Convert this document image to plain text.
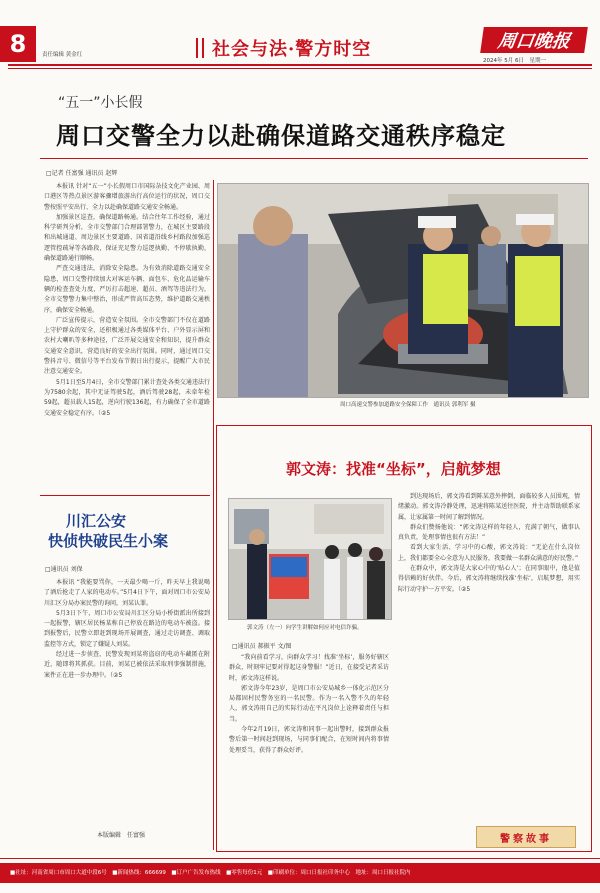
8	责任编辑 黄金红	社会与法·警方时空	周口晚报
2024年 5月 6日　星期一
“五一”小长假
周口交警全力以赴确保道路交通秩序稳定
□记者 任富强 通讯员 赵辉

本报讯 针对“五一”小长假周口市国际杂技文化产业园、周口港区等热点景区游客骤增旅游出行高位运行的状况，周口交警按照平安出行、全力以赴确保道路交通安全畅通。

加强景区巡查，确保道路畅通。结合往年工作经验，通过科学研判分析，全市交警部门合理部署警力，在城区主要路段和出城通道、周边景区主要道路、国省道沿线乡村路段加强巡逻管控疏导等各路段，保证充足警力巡逻执勤、不停歇执勤，确保道路通行顺畅。

严查交通违法，消除安全隐患。为有效消除道路交通安全隐患，周口交警持续加大对客运车辆、面包车、危化品运输车辆的检查查处力度，严厉打击超速、超员、酒驾等违法行为，全市交警警力集中整治，形成严管高压态势，维护道路交通秩序，确保安全畅通。

广泛宣传提示，营造安全氛围。全市交警部门不仅在道路上守护群众的安全，还积极通过各类媒体平台、户外显示屏和农村大喇叭等多种途径，广泛开展交通安全和知识，提升群众交通安全意识，营造良好的安全出行氛围。同时，通过周口交警抖音号、微信号等平台发布节假日出行提示，提醒广大市民注意交通安全。

5月1日至5月4日，全市交警部门累计查处各类交通违法行为7580余起，其中无证驾驶5起，酒后驾驶28起，未牵年检59起，超员载人15起，逆向行驶136起，有力确保了全市道路交通安全稳定有序。（②5

周口高速交警参加道路安全保障工作　通讯员 郭利军 摄
川汇公安
快侦快破民生小案
□通讯员 刘保

本报讯 “我能要骂你，一天最少喝一斤，昨天早上我说喝了酒后抢走了人家的电动车。”5月4日下午，面对周口市公安局川汇区分局办案民警的询问，刘某认罪。

5月3日下午，周口市公安局川汇区分局小桥街派出所接到一起报警，辖区居民杨某称自己停放在路边的电动车被盗。接到报警后，民警立即赶到现场开展调查，通过走访调查、调取监控等方式，锁定了嫌疑人刘某。

经过进一步侦查，民警发现刘某将盗窃的电动车藏匿在附近，随即将其抓获。目前，刘某已被依法采取刑事强制措施，案件正在进一步办理中。（②5

本版编辑　任富强
郭文涛：找准“坐标”，启航梦想
郭文涛（左一）向学生讲解如何应对电信诈骗。
□通讯员 郝振平 文/图

“我向前看学习，向群众学习！找准‘坐标’，服务好辖区群众，时刻牢记要对得起这身警服！”近日，在接受记者采访时，郭文涛这样说。

郭文涛今年23岁，是周口市公安局城乡一体化示范区分局都固村民警务室的一名民警。作为一名入警不久的年轻人，郭文涛用自己的实际行动在平凡岗位上诠释着责任与担当。

今年2月19日，郭文涛和同事一起出警时，接到群众报警后第一时间赶到现场，与同事们配合，在短时间内将事情处理妥当，获得了群众好评。

到达现场后，郭文涛看到陈某意外摔倒，面临较多人员围观，情绪激动。郭文涛冷静处理，迅速将陈某送往医院，并主动帮助联系家属，让家属第一时间了解到情况。

群众们赞扬他说：“郭文涛这样的年轻人，充满了朝气，做事认真负责，处理事情也很有方法！”

看到大家生活、学习中的心酸，郭文涛说：“无论在什么岗位上，我们都要全心全意为人民服务，我要做一名群众满意的好民警。”

在群众中，郭文涛是大家心中的‘贴心人’；在同事眼中，他是值得信赖的好伙伴。今后，郭文涛将继续找准‘坐标’，启航梦想，用实际行动守护一方平安。（②5

警察故事
■社址：河南省周口市周口大道中段6号　■新闻热线：666699　■订户广告发布热线　■零售每份1元　■印刷单位：周口日报社印务中心　地址：周口日报社院内
